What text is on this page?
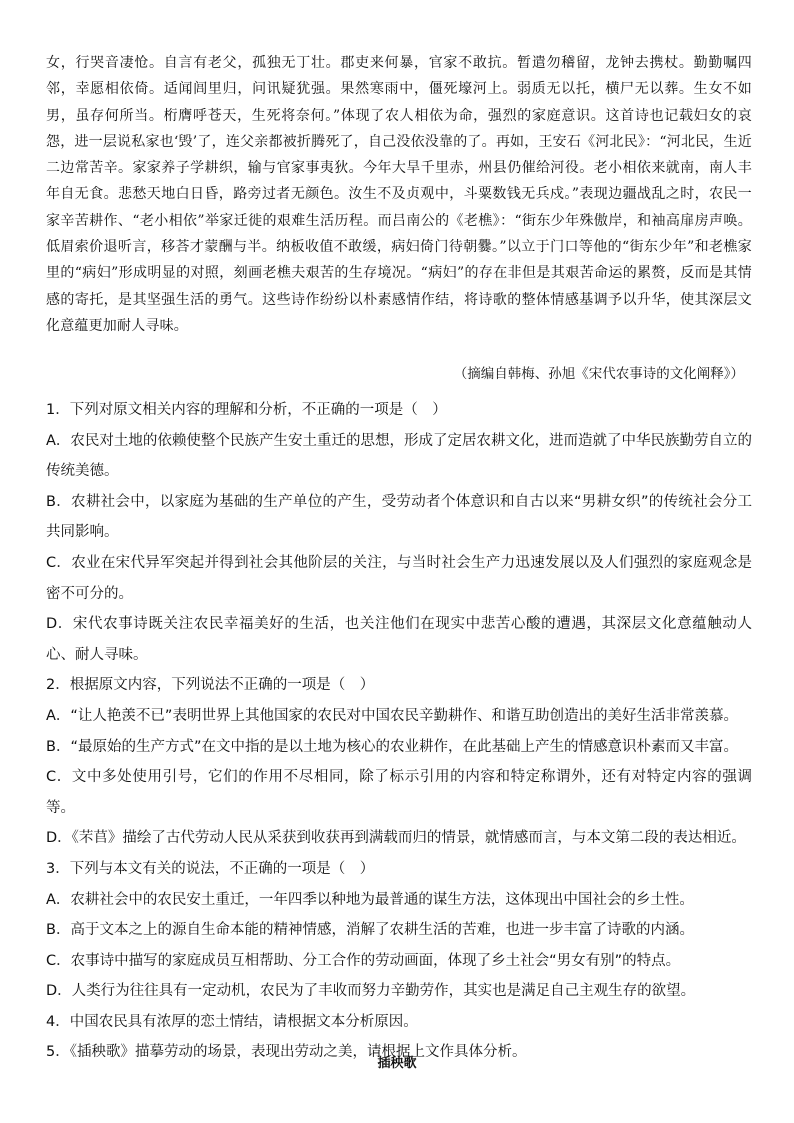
女，行哭音凄怆。自言有老父，孤独无丁壮。郡吏来何暴，官家不敢抗。暂遣勿稽留，龙钟去携杖。勤勤嘱四邻，幸愿相依倚。适闻闾里归，问讯疑犹强。果然寒雨中，僵死壕河上。弱质无以托，横尸无以葬。生女不如男，虽存何所当。桁膺呼苍天，生死将奈何。”体现了农人相依为命，强烈的家庭意识。这首诗也记载妇女的哀怨，进一层说私家也‘毁’了，连父亲都被折腾死了，自己没依没靠的了。再如，王安石《河北民》：“河北民，生近二边常苦辛。家家养子学耕织，输与官家事夷狄。今年大旱千里赤，州县仍催给河役。老小相依来就南，南人丰年自无食。悲愁天地白日昏，路旁过者无颜色。汝生不及贞观中，斗粟数钱无兵戍。”表现边疆战乱之时，农民一家辛苦耕作、“老小相依”举家迁徙的艰难生活历程。而吕南公的《老樵》：“街东少年殊傲岸，和袖高扉房声唤。低眉索价退听言，移荅才蒙酬与半。纳板收值不敢缓，病妇倚门待朝爨。”以立于门口等他的“街东少年”和老樵家里的“病妇”形成明显的对照，刻画老樵夫艰苦的生存境况。“病妇”的存在非但是其艰苦命运的累赘，反而是其情感的寄托，是其坚强生活的勇气。这些诗作纷纷以朴素感情作结，将诗歌的整体情感基调予以升华，使其深层文化意蕴更加耐人寻味。

（摘编自韩梅、孙旭《宋代农事诗的文化阐释》）
1．下列对原文相关内容的理解和分析，不正确的一项是（　）
A．农民对土地的依赖使整个民族产生安土重迁的思想，形成了定居农耕文化，进而造就了中华民族勤劳自立的传统美德。
B．农耕社会中，以家庭为基础的生产单位的产生，受劳动者个体意识和自古以来“男耕女织”的传统社会分工共同影响。
C．农业在宋代异军突起并得到社会其他阶层的关注，与当时社会生产力迅速发展以及人们强烈的家庭观念是密不可分的。
D．宋代农事诗既关注农民幸福美好的生活，也关注他们在现实中悲苦心酸的遭遇，其深层文化意蕴触动人心、耐人寻味。
2．根据原文内容，下列说法不正确的一项是（　）
A．“让人艳羡不已”表明世界上其他国家的农民对中国农民辛勤耕作、和谐互助创造出的美好生活非常羡慕。
B．“最原始的生产方式”在文中指的是以土地为核心的农业耕作，在此基础上产生的情感意识朴素而又丰富。
C．文中多处使用引号，它们的作用不尽相同，除了标示引用的内容和特定称谓外，还有对特定内容的强调等。
D．《芣苢》描绘了古代劳动人民从采获到收获再到满载而归的情景，就情感而言，与本文第二段的表达相近。
3．下列与本文有关的说法，不正确的一项是（　）
A．农耕社会中的农民安土重迁，一年四季以种地为最普通的谋生方法，这体现出中国社会的乡土性。
B．高于文本之上的源自生命本能的精神情感，消解了农耕生活的苦难，也进一步丰富了诗歌的内涵。
C．农事诗中描写的家庭成员互相帮助、分工合作的劳动画面，体现了乡土社会“男女有别”的特点。
D．人类行为往往具有一定动机，农民为了丰收而努力辛勤劳作，其实也是满足自己主观生存的欲望。
4．中国农民具有浓厚的恋土情结，请根据文本分析原因。
5．《插秧歌》描摹劳动的场景，表现出劳动之美，请根据上文作具体分析。
插秧歌
